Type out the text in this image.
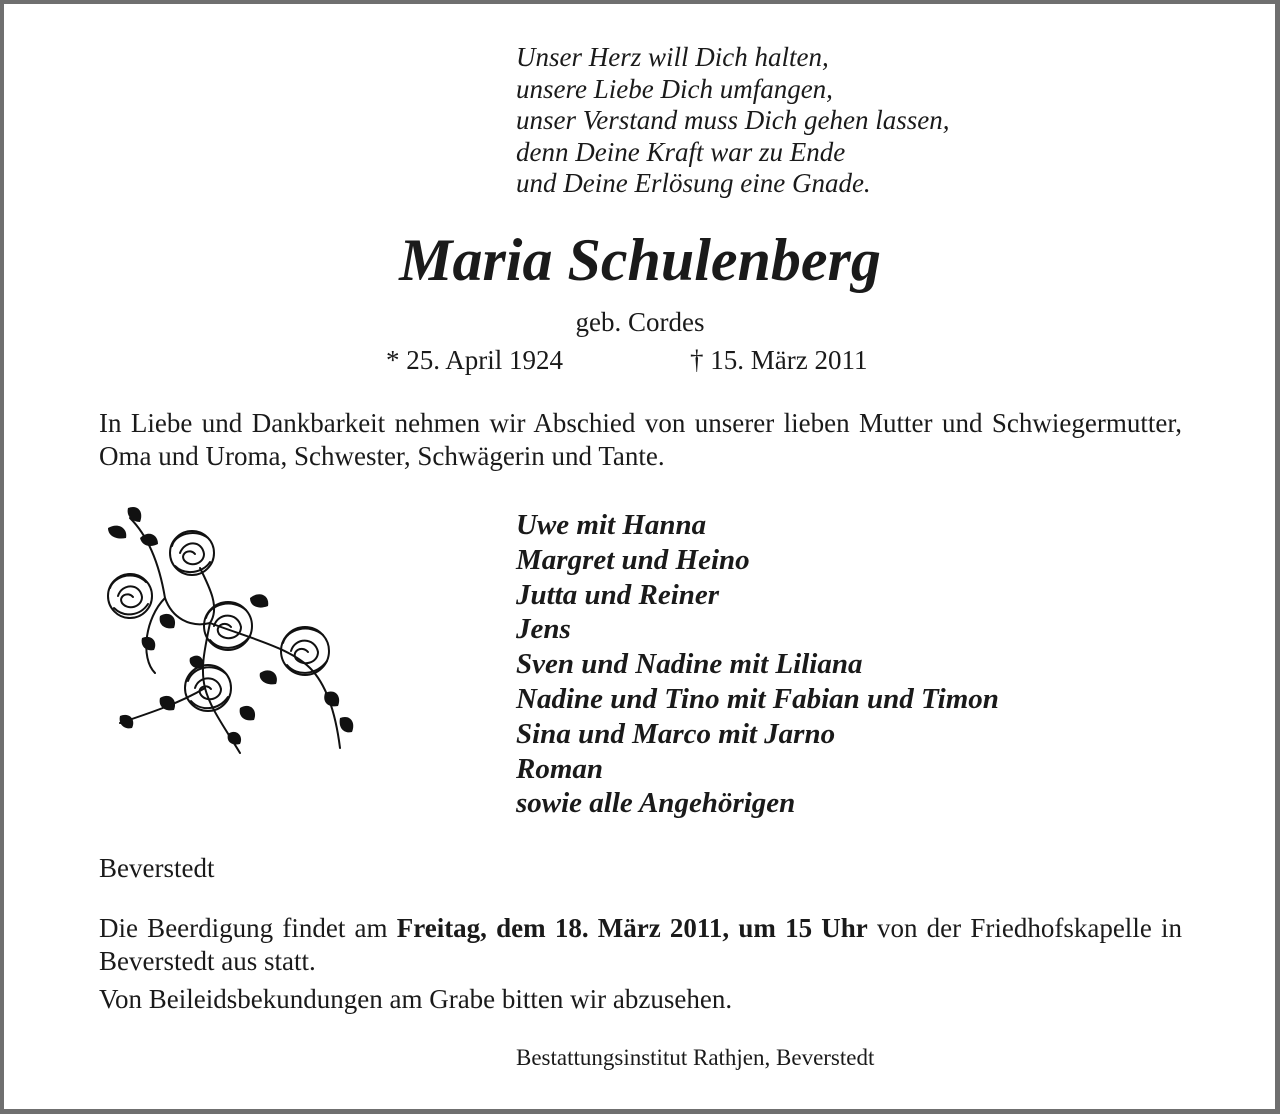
Unser Herz will Dich halten,
unsere Liebe Dich umfangen,
unser Verstand muss Dich gehen lassen,
denn Deine Kraft war zu Ende
und Deine Erlösung eine Gnade.
Maria Schulenberg
geb. Cordes
* 25. April 1924	† 15. März 2011
In Liebe und Dankbarkeit nehmen wir Abschied von unserer lieben Mutter und Schwiegermutter, Oma und Uroma, Schwester, Schwägerin und Tante.
Uwe mit Hanna
Margret und Heino
Jutta und Reiner
Jens
Sven und Nadine mit Liliana
Nadine und Tino mit Fabian und Timon
Sina und Marco mit Jarno
Roman
sowie alle Angehörigen
Beverstedt
Die Beerdigung findet am Freitag, dem 18. März 2011, um 15 Uhr von der Friedhofskapelle in Beverstedt aus statt.
Von Beileidsbekundungen am Grabe bitten wir abzusehen.
Bestattungsinstitut Rathjen, Beverstedt
